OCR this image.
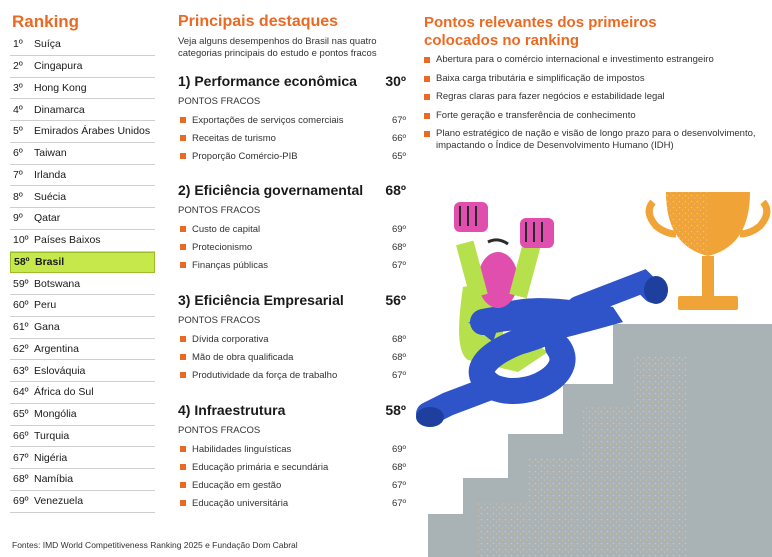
Ranking
1º	Suíça
2º	Cingapura
3º	Hong Kong
4º	Dinamarca
5º	Emirados Árabes Unidos
6º	Taiwan
7º	Irlanda
8º	Suécia
9º	Qatar
10º Países Baixos
58º Brasil
59º Botswana
60º Peru
61º Gana
62º Argentina
63º Eslováquia
64º África do Sul
65º Mongólia
66º Turquia
67º Nigéria
68º Namíbia
69º Venezuela
Principais destaques

Veja alguns desempenhos do Brasil nas quatro categorias principais do estudo e pontos fracos

1) Performance econômica 30º
PONTOS FRACOS
Exportações de serviços comerciais	67º
Receitas de turismo	66º
Proporção Comércio-PIB	65º
2) Eficiência governamental 68º
PONTOS FRACOS
Custo de capital	69º
Protecionismo	68º
Finanças públicas	67º
3) Eficiência Empresarial	56º
PONTOS FRACOS
Dívida corporativa	68º
Mão de obra qualificada	68º
Produtividade da força de trabalho	67º
4) Infraestrutura	58º
PONTOS FRACOS
Habilidades linguísticas	69º
Educação primária e secundária	68º
Educação em gestão	67º
Educação universitária	67º
Pontos relevantes dos primeiros colocados no ranking
Abertura para o comércio internacional e investimento estrangeiro
Baixa carga tributária e simplificação de impostos
Regras claras para fazer negócios e estabilidade legal
Forte geração e transferência de conhecimento
Plano estratégico de nação e visão de longo prazo para o desenvolvimento, impactando o Índice de Desenvolvimento Humano (IDH)
Fontes: IMD World Competitiveness Ranking 2025 e Fundação Dom Cabral
